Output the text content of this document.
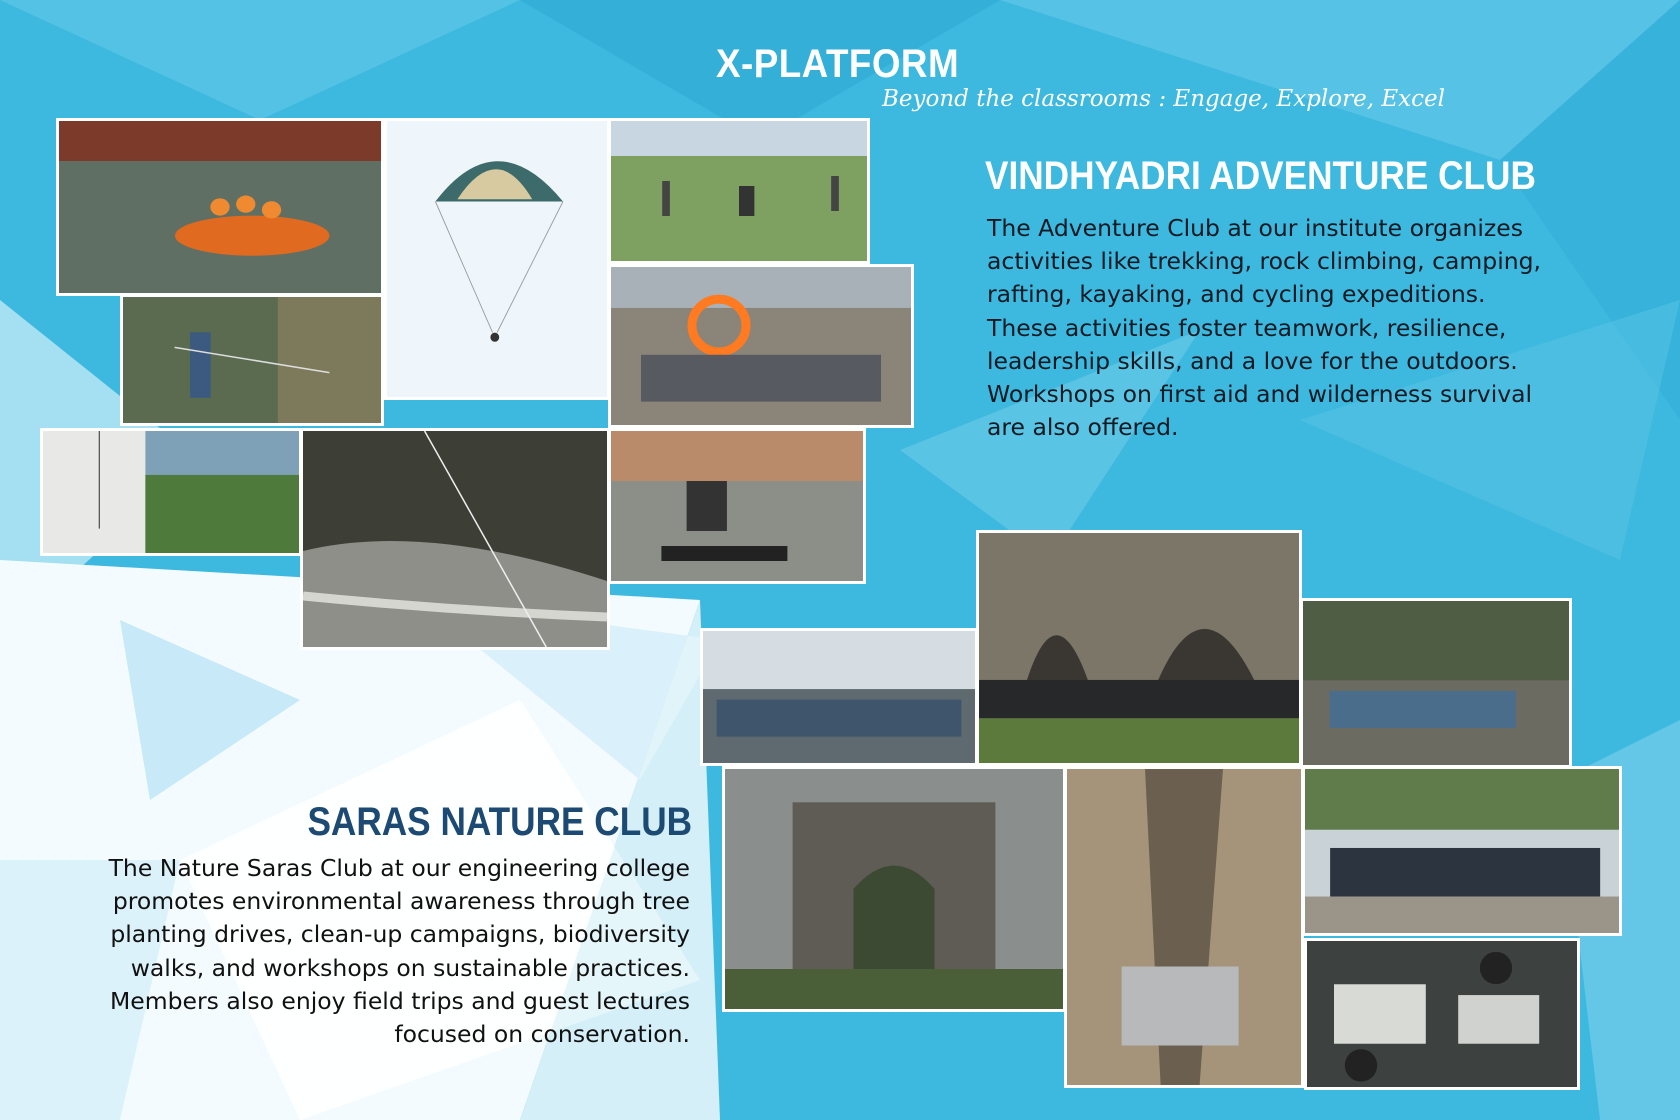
X-PLATFORM
Beyond the classrooms : Engage, Explore, Excel
VINDHYADRI ADVENTURE CLUB

The Adventure Club at our institute organizes activities like trekking, rock climbing, camping, rafting, kayaking, and cycling expeditions. These activities foster teamwork, resilience, leadership skills, and a love for the outdoors. Workshops on first aid and wilderness survival are also offered.

SARAS NATURE CLUB

The Nature Saras Club at our engineering college promotes environmental awareness through tree planting drives, clean-up campaigns, biodiversity walks, and workshops on sustainable practices. Members also enjoy field trips and guest lectures focused on conservation.
